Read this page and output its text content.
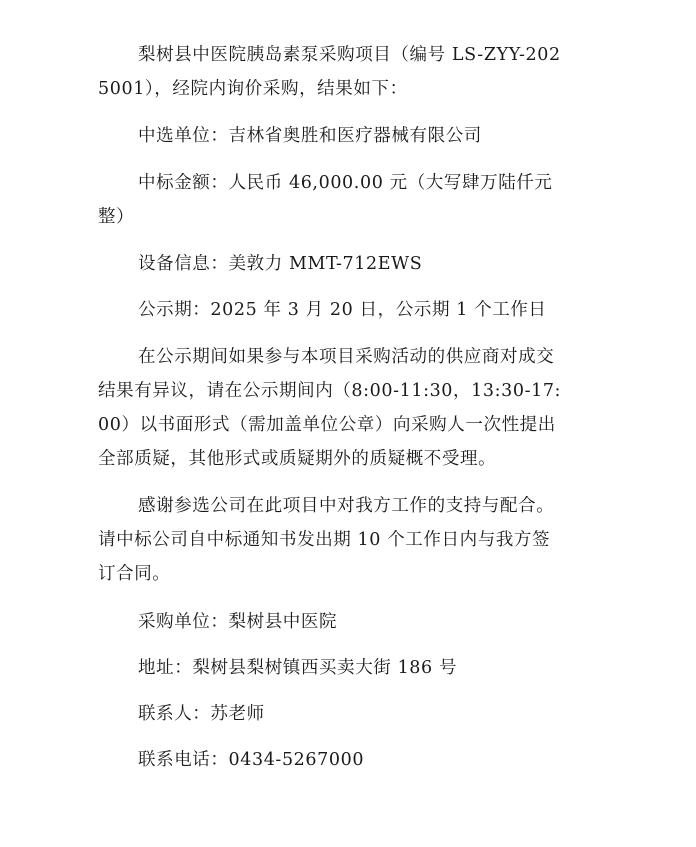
梨树县中医院胰岛素泵采购项目（编号 LS-ZYY-2025001），经院内询价采购，结果如下：

中选单位：吉林省奥胜和医疗器械有限公司

中标金额：人民币 46,000.00 元（大写肆万陆仟元整）

设备信息：美敦力 MMT-712EWS

公示期：2025 年 3 月 20 日，公示期 1 个工作日

在公示期间如果参与本项目采购活动的供应商对成交结果有异议，请在公示期间内（8:00-11:30，13:30-17:00）以书面形式（需加盖单位公章）向采购人一次性提出全部质疑，其他形式或质疑期外的质疑概不受理。

感谢参选公司在此项目中对我方工作的支持与配合。请中标公司自中标通知书发出期 10 个工作日内与我方签订合同。

采购单位：梨树县中医院

地址：梨树县梨树镇西买卖大街 186 号

联系人：苏老师

联系电话：0434-5267000
